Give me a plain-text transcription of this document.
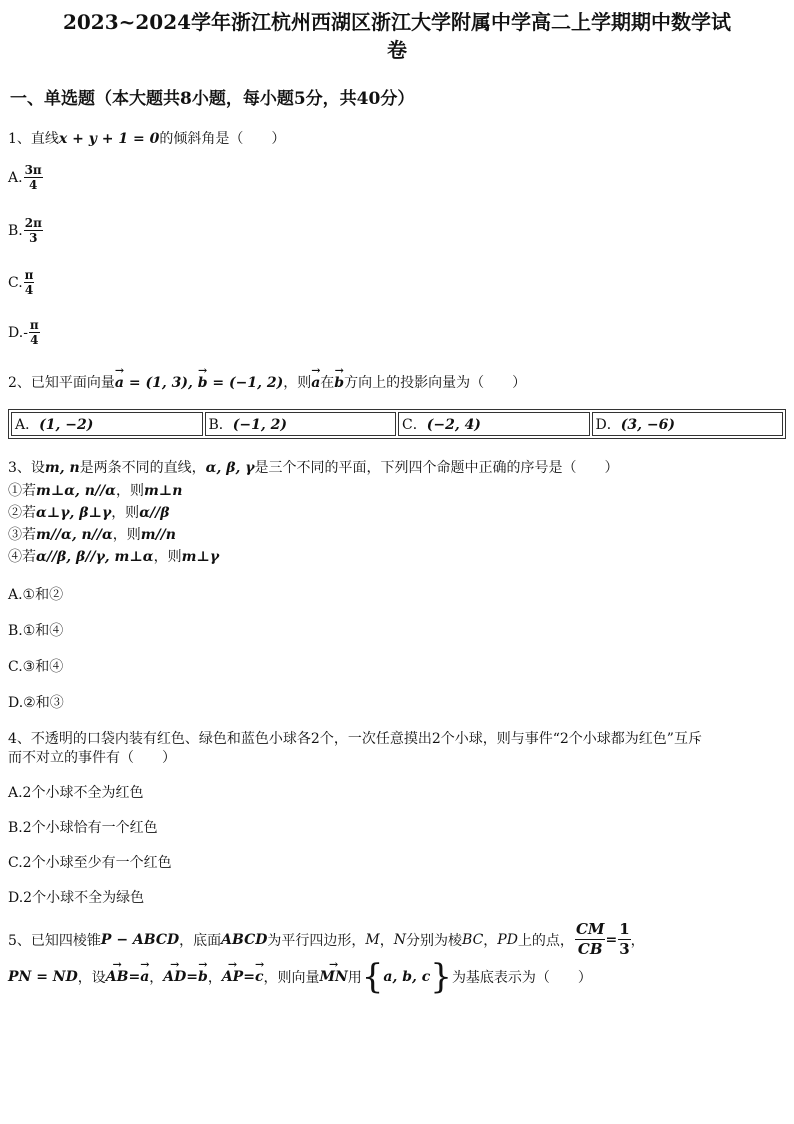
2023~2024学年浙江杭州西湖区浙江大学附属中学高二上学期期中数学试
卷
一、单选题（本大题共8小题，每小题5分，共40分）
1、直线x + y + 1 = 0的倾斜角是（　　）
A. $\frac{3\pi}{4}$
B. $\frac{2\pi}{3}$
C. $\frac{\pi}{4}$
D. - $\frac{\pi}{4}$
2、已知平面向量→ a = (1, 3), → b = (−1, 2)，则→ a在→ b方向上的投影向量为（　　）
A．(1, −2)	B．(−1, 2)	C．(−2, 4)	D．(3, −6)
3、设m, n是两条不同的直线，α, β, γ是三个不同的平面，下列四个命题中正确的序号是（　　）
①若m⊥α, n//α，则m⊥n
②若α⊥γ, β⊥γ，则α//β
③若m//α, n//α，则m//n
④若α//β, β//γ, m⊥α，则m⊥γ
A.①和②
B.①和④
C.③和④
D.②和③
4、不透明的口袋内装有红色、绿色和蓝色小球各2个，一次任意摸出2个小球，则与事件“2个小球都为红色”互斥
而不对立的事件有（　　）
A.2个小球不全为红色
B.2个小球恰有一个红色
C.2个小球至少有一个红色
D.2个小球不全为绿色
5、已知四棱锥 P − ABCD ，底面 ABCD 为平行四边形， M ， N 分别为棱 BC ， PD 上的点， $\frac{CM}{CB} = \frac{1}{3}$ ，
PN = ND ，设 → AB = → a ， → AD = → b ， → AP = → c ，则向量 → MN 用 { a, b, c } 为基底表示为（　　）
